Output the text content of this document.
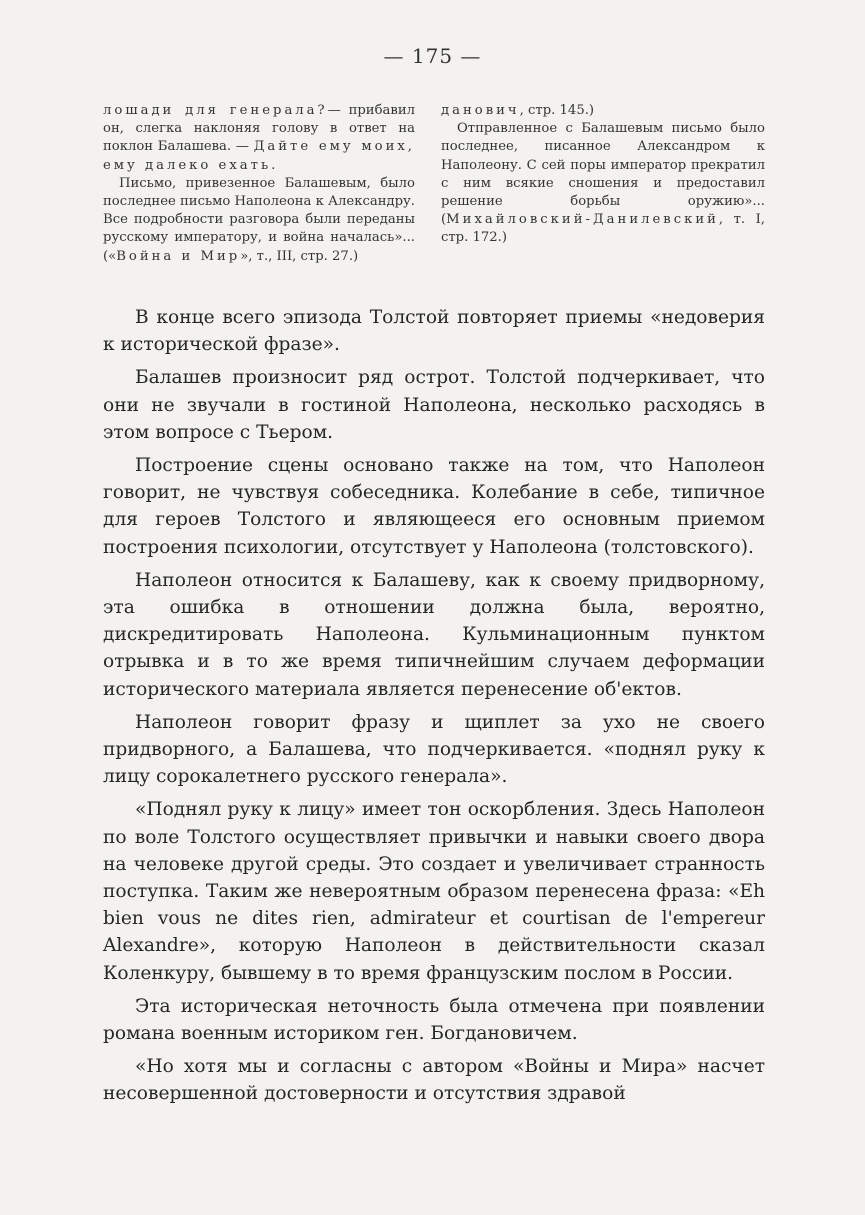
— 175 —

лошади для генерала?— прибавил он, слегка наклоняя голову в ответ на поклон Балашева. — Дайте ему моих, ему далеко ехать.

Письмо, привезенное Балашевым, было последнее письмо Наполеона к Александру. Все подробности разговора были переданы русскому императору, и война началась»... («Война и Мир», т., III, стр. 27.)

данович, стр. 145.)

Отправленное с Балашевым письмо было последнее, писанное Александром к Наполеону. С сей поры император прекратил с ним всякие сношения и предоставил решение борьбы оружию»... (Михайловский-Данилевский, т. I, стр. 172.)

В конце всего эпизода Толстой повторяет приемы «недоверия к исторической фразе».

Балашев произносит ряд острот. Толстой подчеркивает, что они не звучали в гостиной Наполеона, несколько расходясь в этом вопросе с Тьером.

Построение сцены основано также на том, что Наполеон говорит, не чувствуя собеседника. Колебание в себе, типичное для героев Толстого и являющееся его основным приемом построения психологии, отсутствует у Наполеона (толстовского).

Наполеон относится к Балашеву, как к своему придворному, эта ошибка в отношении должна была, вероятно, дискредитировать Наполеона. Кульминационным пунктом отрывка и в то же время типичнейшим случаем деформации исторического материала является перенесение об'ектов.

Наполеон говорит фразу и щиплет за ухо не своего придворного, а Балашева, что подчеркивается. «поднял руку к лицу сорокалетнего русского генерала».

«Поднял руку к лицу» имеет тон оскорбления. Здесь Наполеон по воле Толстого осуществляет привычки и навыки своего двора на человеке другой среды. Это создает и увеличивает странность поступка. Таким же невероятным образом перенесена фраза: «Eh bien vous ne dites rien, admirateur et courtisan de l'empereur Alexandre», которую Наполеон в действительности сказал Коленкуру, бывшему в то время французским послом в России.

Эта историческая неточность была отмечена при появлении романа военным историком ген. Богдановичем.

«Но хотя мы и согласны с автором «Войны и Мира» насчет несовершенной достоверности и отсутствия здравой
